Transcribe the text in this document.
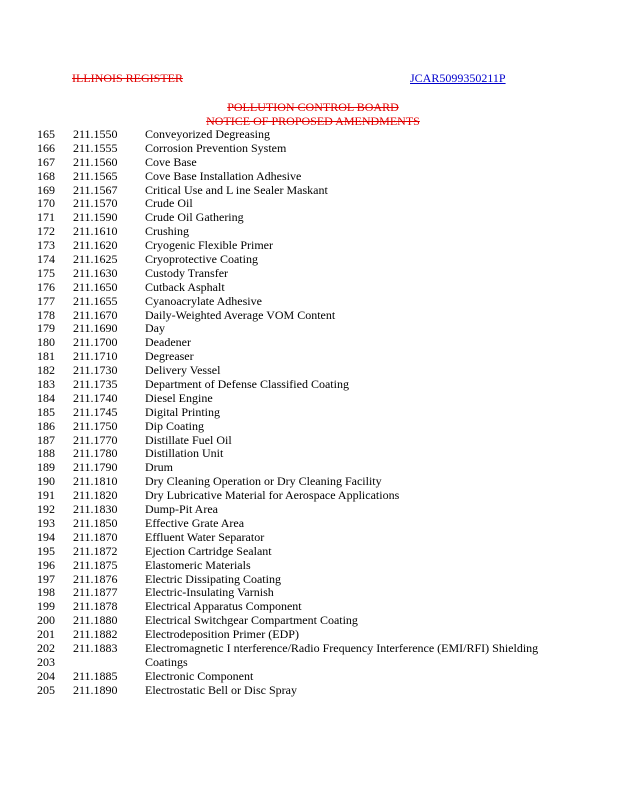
ILLINOIS REGISTER	JCAR5099350211P
POLLUTION CONTROL BOARD
NOTICE OF PROPOSED AMENDMENTS
165 211.1550 Conveyorized Degreasing
166 211.1555 Corrosion Prevention System
167 211.1560 Cove Base
168 211.1565 Cove Base Installation Adhesive
169 211.1567 Critical Use and L ine Sealer Maskant
170 211.1570 Crude Oil
171 211.1590 Crude Oil Gathering
172 211.1610 Crushing
173 211.1620 Cryogenic Flexible Primer
174 211.1625 Cryoprotective Coating
175 211.1630 Custody Transfer
176 211.1650 Cutback Asphalt
177 211.1655 Cyanoacrylate Adhesive
178 211.1670 Daily-Weighted Average VOM Content
179 211.1690 Day
180 211.1700 Deadener
181 211.1710 Degreaser
182 211.1730 Delivery Vessel
183 211.1735 Department of Defense Classified Coating
184 211.1740 Diesel Engine
185 211.1745 Digital Printing
186 211.1750 Dip Coating
187 211.1770 Distillate Fuel Oil
188 211.1780 Distillation Unit
189 211.1790 Drum
190 211.1810 Dry Cleaning Operation or Dry Cleaning Facility
191 211.1820 Dry Lubricative Material for Aerospace Applications
192 211.1830 Dump-Pit Area
193 211.1850 Effective Grate Area
194 211.1870 Effluent Water Separator
195 211.1872 Ejection Cartridge Sealant
196 211.1875 Elastomeric Materials
197 211.1876 Electric Dissipating Coating
198 211.1877 Electric-Insulating Varnish
199 211.1878 Electrical Apparatus Component
200 211.1880 Electrical Switchgear Compartment Coating
201 211.1882 Electrodeposition Primer (EDP)
202 211.1883 Electromagnetic I nterference/Radio Frequency Interference (EMI/RFI) Shielding
203	Coatings
204 211.1885 Electronic Component
205 211.1890 Electrostatic Bell or Disc Spray
